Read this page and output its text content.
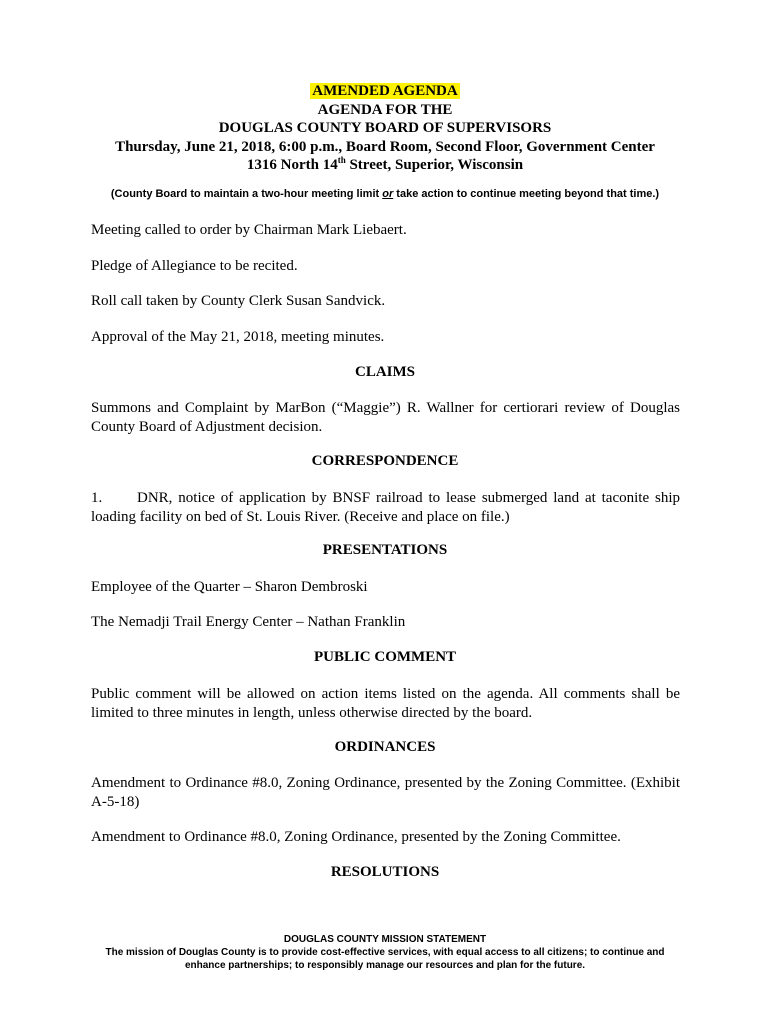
AMENDED AGENDA
AGENDA FOR THE
DOUGLAS COUNTY BOARD OF SUPERVISORS
Thursday, June 21, 2018, 6:00 p.m., Board Room, Second Floor, Government Center
1316 North 14th Street, Superior, Wisconsin
(County Board to maintain a two-hour meeting limit or take action to continue meeting beyond that time.)
Meeting called to order by Chairman Mark Liebaert.
Pledge of Allegiance to be recited.
Roll call taken by County Clerk Susan Sandvick.
Approval of the May 21, 2018, meeting minutes.
CLAIMS
Summons and Complaint by MarBon (“Maggie”) R. Wallner for certiorari review of Douglas County Board of Adjustment decision.
CORRESPONDENCE
1. DNR, notice of application by BNSF railroad to lease submerged land at taconite ship loading facility on bed of St. Louis River. (Receive and place on file.)
PRESENTATIONS
Employee of the Quarter – Sharon Dembroski
The Nemadji Trail Energy Center – Nathan Franklin
PUBLIC COMMENT
Public comment will be allowed on action items listed on the agenda. All comments shall be limited to three minutes in length, unless otherwise directed by the board.
ORDINANCES
Amendment to Ordinance #8.0, Zoning Ordinance, presented by the Zoning Committee. (Exhibit A-5-18)
Amendment to Ordinance #8.0, Zoning Ordinance, presented by the Zoning Committee.
RESOLUTIONS
DOUGLAS COUNTY MISSION STATEMENT
The mission of Douglas County is to provide cost-effective services, with equal access to all citizens; to continue and
enhance partnerships; to responsibly manage our resources and plan for the future.
